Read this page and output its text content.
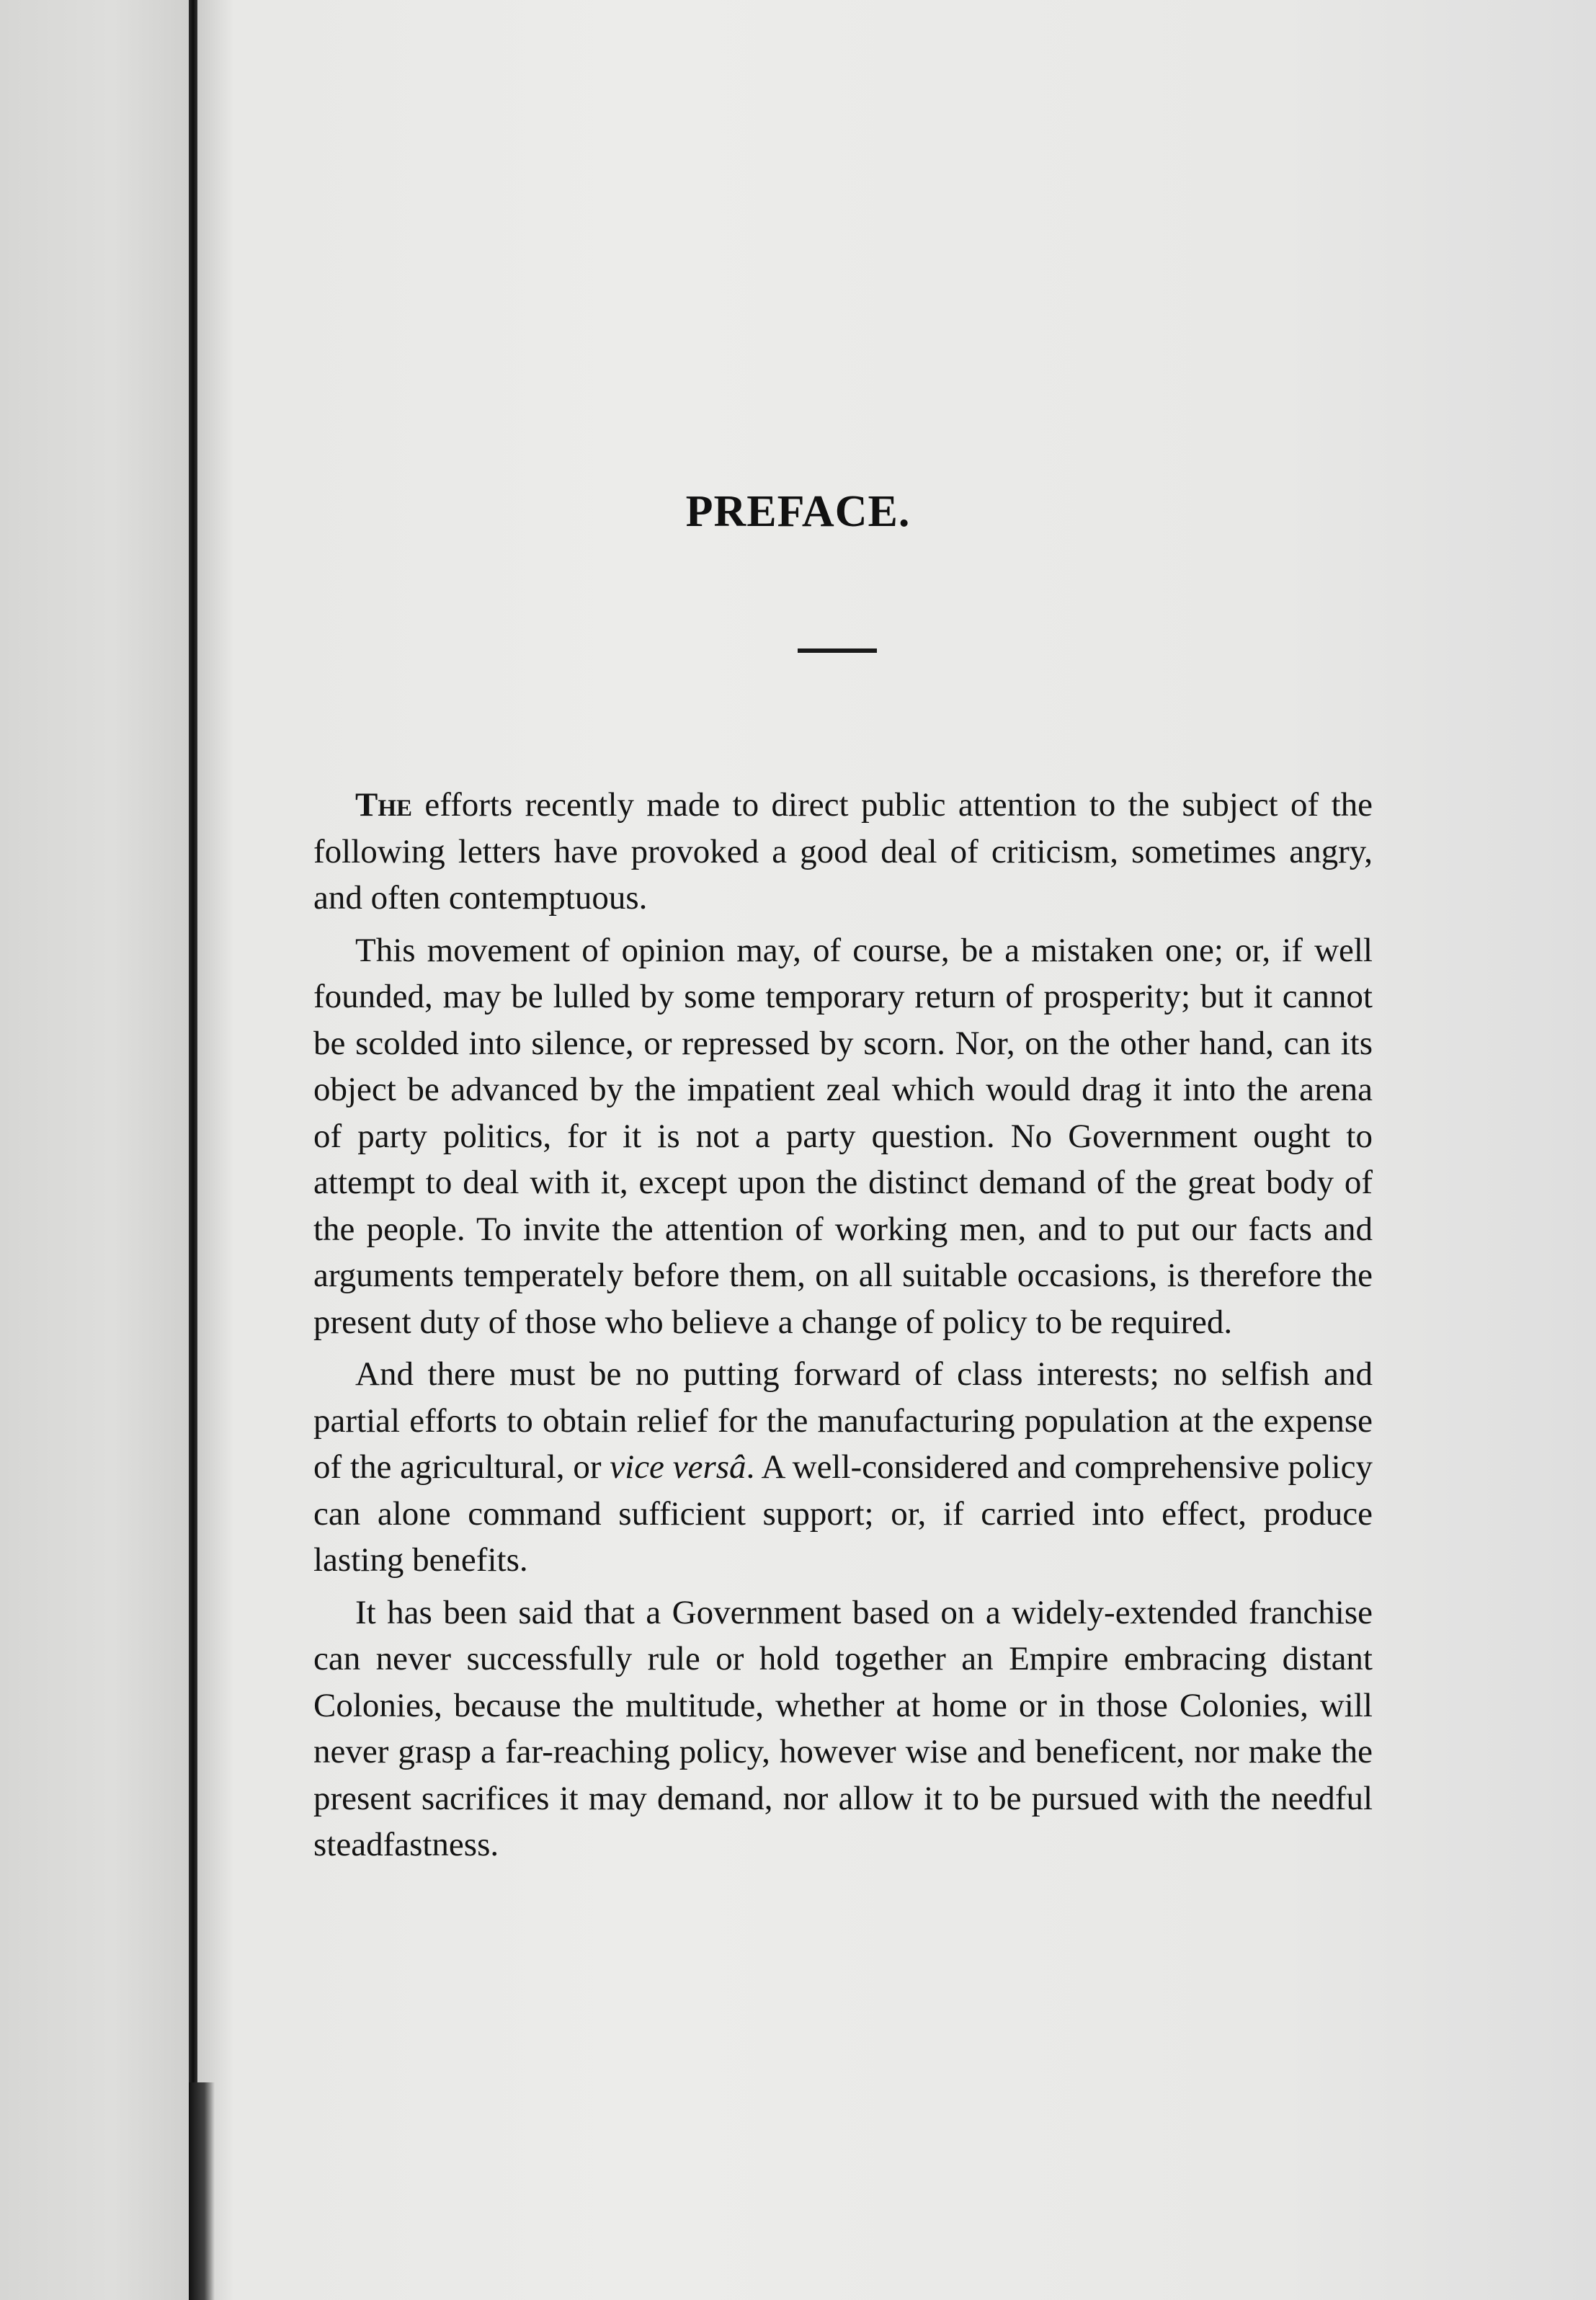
PREFACE.

The efforts recently made to direct public attention to the subject of the following letters have provoked a good deal of criticism, sometimes angry, and often contemptuous.

This movement of opinion may, of course, be a mistaken one; or, if well founded, may be lulled by some temporary return of prosperity; but it cannot be scolded into silence, or repressed by scorn. Nor, on the other hand, can its object be advanced by the impatient zeal which would drag it into the arena of party politics, for it is not a party question. No Government ought to attempt to deal with it, except upon the distinct demand of the great body of the people. To invite the attention of working men, and to put our facts and arguments temperately before them, on all suitable occasions, is therefore the present duty of those who believe a change of policy to be required.

And there must be no putting forward of class interests; no selfish and partial efforts to obtain relief for the manufacturing population at the expense of the agricultural, or vice versâ. A well-considered and comprehensive policy can alone command sufficient support; or, if carried into effect, produce lasting benefits.

It has been said that a Government based on a widely-extended franchise can never successfully rule or hold together an Empire embracing distant Colonies, because the multitude, whether at home or in those Colonies, will never grasp a far-reaching policy, however wise and beneficent, nor make the present sacrifices it may demand, nor allow it to be pursued with the needful steadfastness.
